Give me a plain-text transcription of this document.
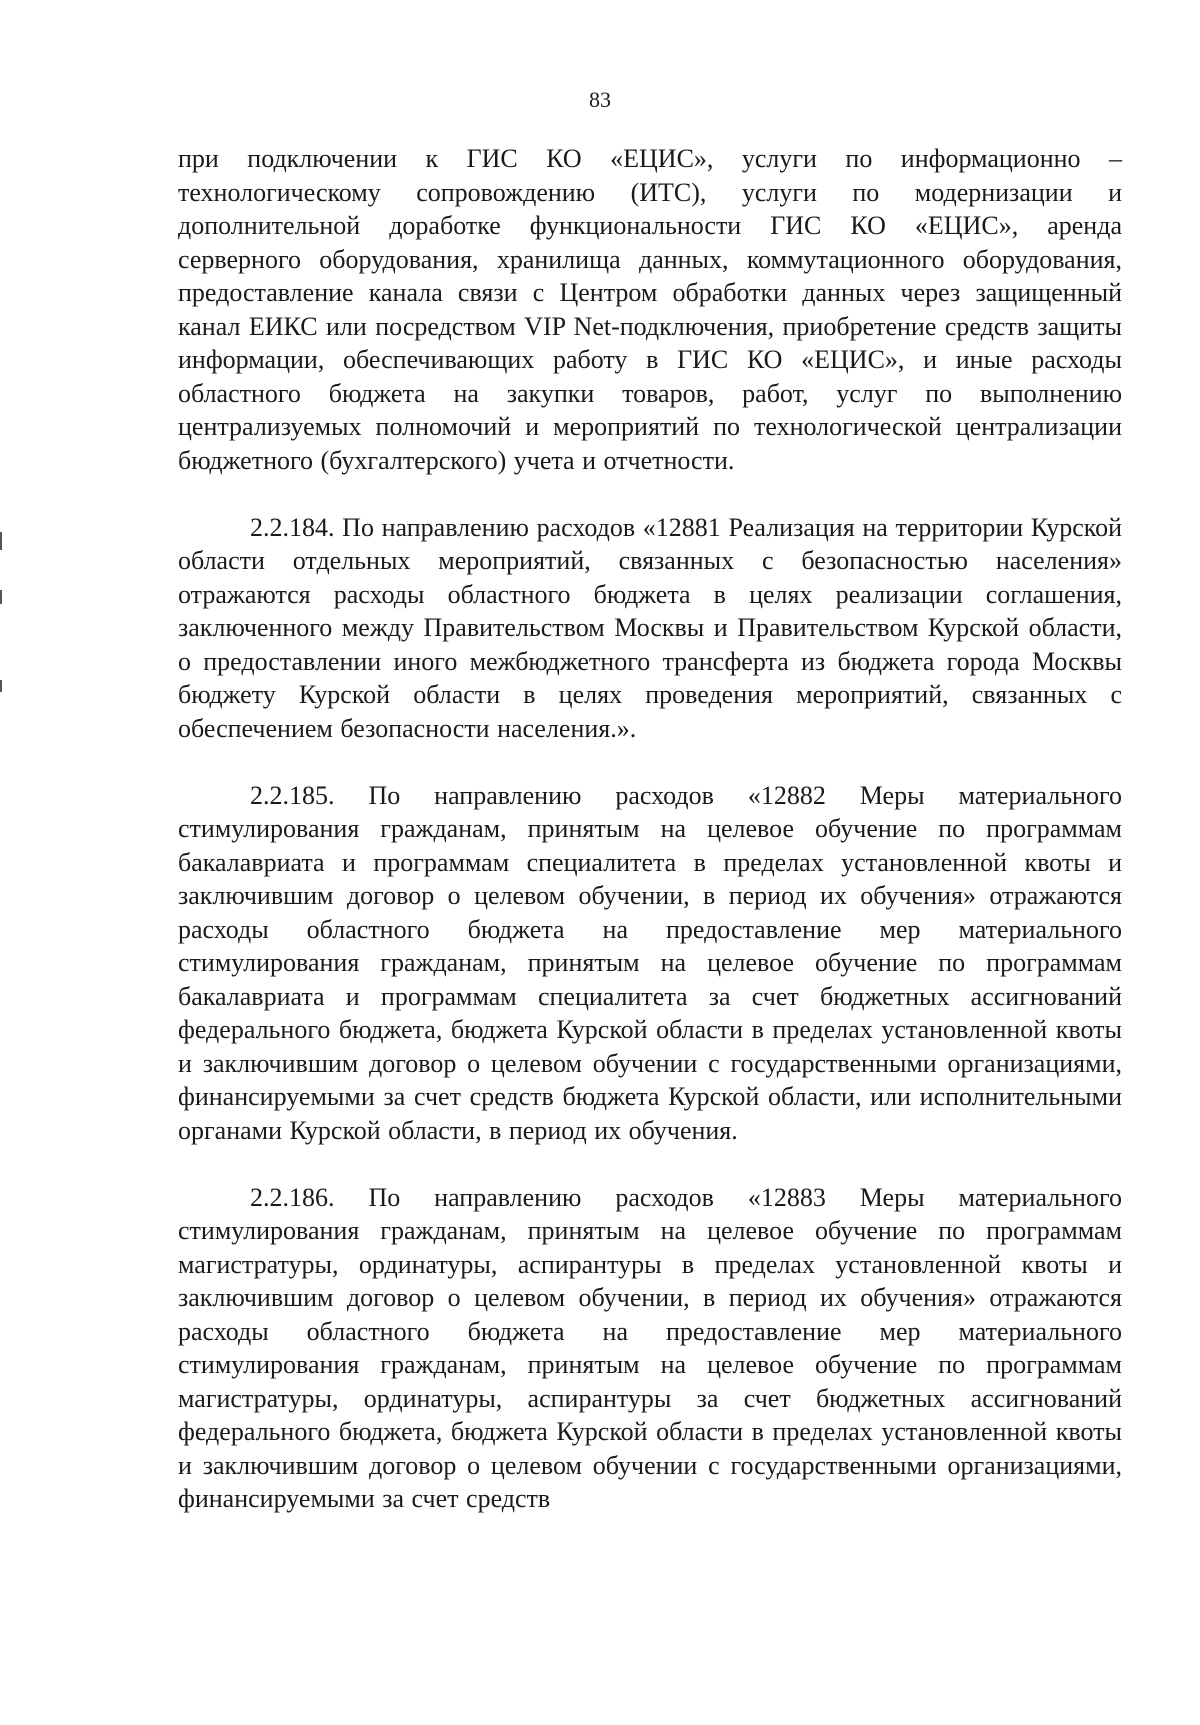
83

при подключении к ГИС КО «ЕЦИС», услуги по информационно – технологическому сопровождению (ИТС), услуги по модернизации и дополнительной доработке функциональности ГИС КО «ЕЦИС», аренда серверного оборудования, хранилища данных, коммутационного оборудования, предоставление канала связи с Центром обработки данных через защищенный канал ЕИКС или посредством VIP Net-подключения, приобретение средств защиты информации, обеспечивающих работу в ГИС КО «ЕЦИС», и иные расходы областного бюджета на закупки товаров, работ, услуг по выполнению централизуемых полномочий и мероприятий по технологической централизации бюджетного (бухгалтерского) учета и отчетности.

2.2.184. По направлению расходов «12881 Реализация на территории Курской области отдельных мероприятий, связанных с безопасностью населения» отражаются расходы областного бюджета в целях реализации соглашения, заключенного между Правительством Москвы и Правительством Курской области, о предоставлении иного межбюджетного трансферта из бюджета города Москвы бюджету Курской области в целях проведения мероприятий, связанных с обеспечением безопасности населения.».

2.2.185. По направлению расходов «12882 Меры материального стимулирования гражданам, принятым на целевое обучение по программам бакалавриата и программам специалитета в пределах установленной квоты и заключившим договор о целевом обучении, в период их обучения» отражаются расходы областного бюджета на предоставление мер материального стимулирования гражданам, принятым на целевое обучение по программам бакалавриата и программам специалитета за счет бюджетных ассигнований федерального бюджета, бюджета Курской области в пределах установленной квоты и заключившим договор о целевом обучении с государственными организациями, финансируемыми за счет средств бюджета Курской области, или исполнительными органами Курской области, в период их обучения.

2.2.186. По направлению расходов «12883 Меры материального стимулирования гражданам, принятым на целевое обучение по программам магистратуры, ординатуры, аспирантуры в пределах установленной квоты и заключившим договор о целевом обучении, в период их обучения» отражаются расходы областного бюджета на предоставление мер материального стимулирования гражданам, принятым на целевое обучение по программам магистратуры, ординатуры, аспирантуры за счет бюджетных ассигнований федерального бюджета, бюджета Курской области в пределах установленной квоты и заключившим договор о целевом обучении с государственными организациями, финансируемыми за счет средств
